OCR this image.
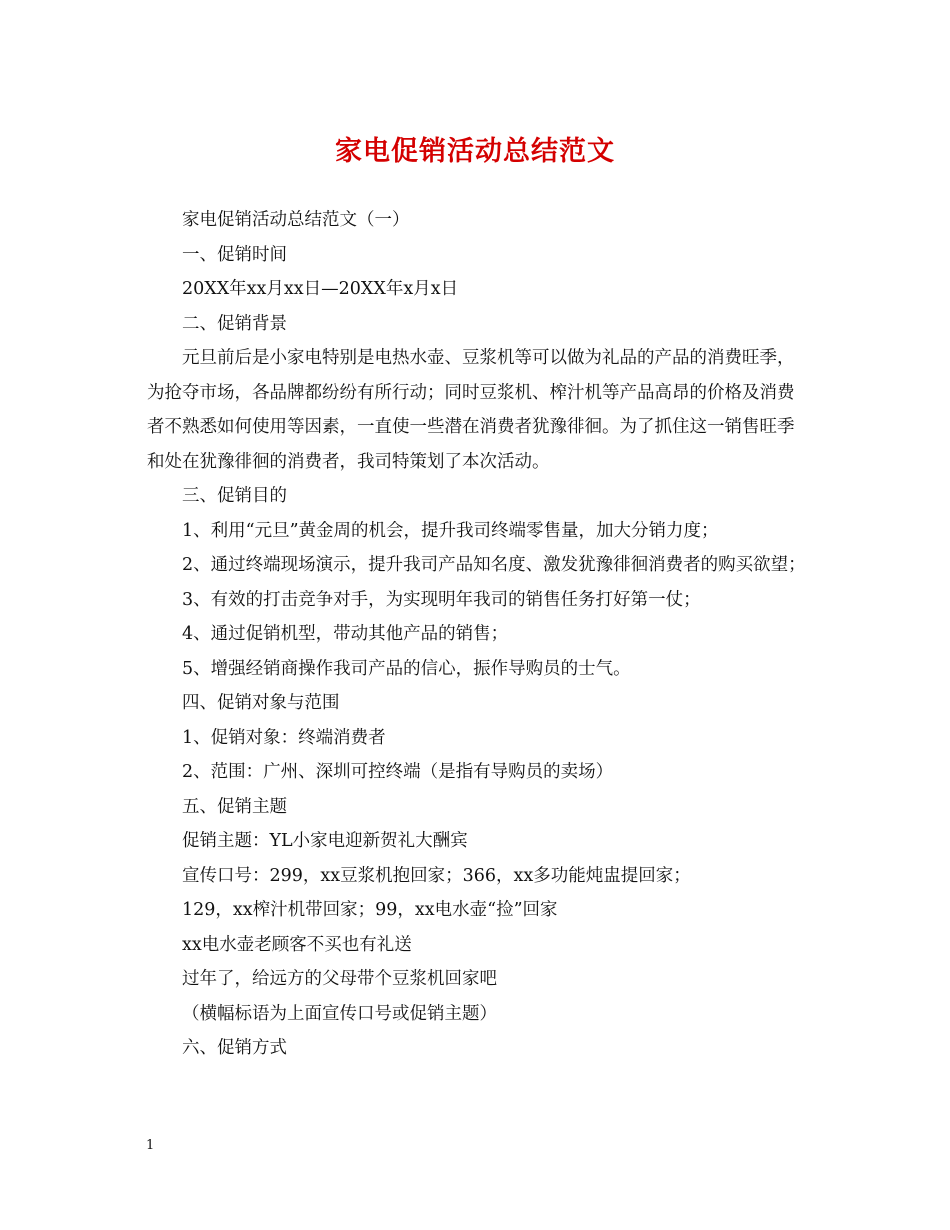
家电促销活动总结范文

家电促销活动总结范文（一）

一、促销时间

20XX年xx月xx日—20XX年x月x日

二、促销背景

元旦前后是小家电特别是电热水壶、豆浆机等可以做为礼品的产品的消费旺季，为抢夺市场，各品牌都纷纷有所行动；同时豆浆机、榨汁机等产品高昂的价格及消费者不熟悉如何使用等因素，一直使一些潜在消费者犹豫徘徊。为了抓住这一销售旺季和处在犹豫徘徊的消费者，我司特策划了本次活动。

三、促销目的

1、利用“元旦”黄金周的机会，提升我司终端零售量，加大分销力度；

2、通过终端现场演示，提升我司产品知名度、激发犹豫徘徊消费者的购买欲望；

3、有效的打击竞争对手，为实现明年我司的销售任务打好第一仗；

4、通过促销机型，带动其他产品的销售；

5、增强经销商操作我司产品的信心，振作导购员的士气。

四、促销对象与范围

1、促销对象：终端消费者

2、范围：广州、深圳可控终端（是指有导购员的卖场）

五、促销主题

促销主题：YL小家电迎新贺礼大酬宾

宣传口号：299，xx豆浆机抱回家；366，xx多功能炖盅提回家；

129，xx榨汁机带回家；99，xx电水壶“捡”回家

xx电水壶老顾客不买也有礼送

过年了，给远方的父母带个豆浆机回家吧

（横幅标语为上面宣传口号或促销主题）

六、促销方式

1
